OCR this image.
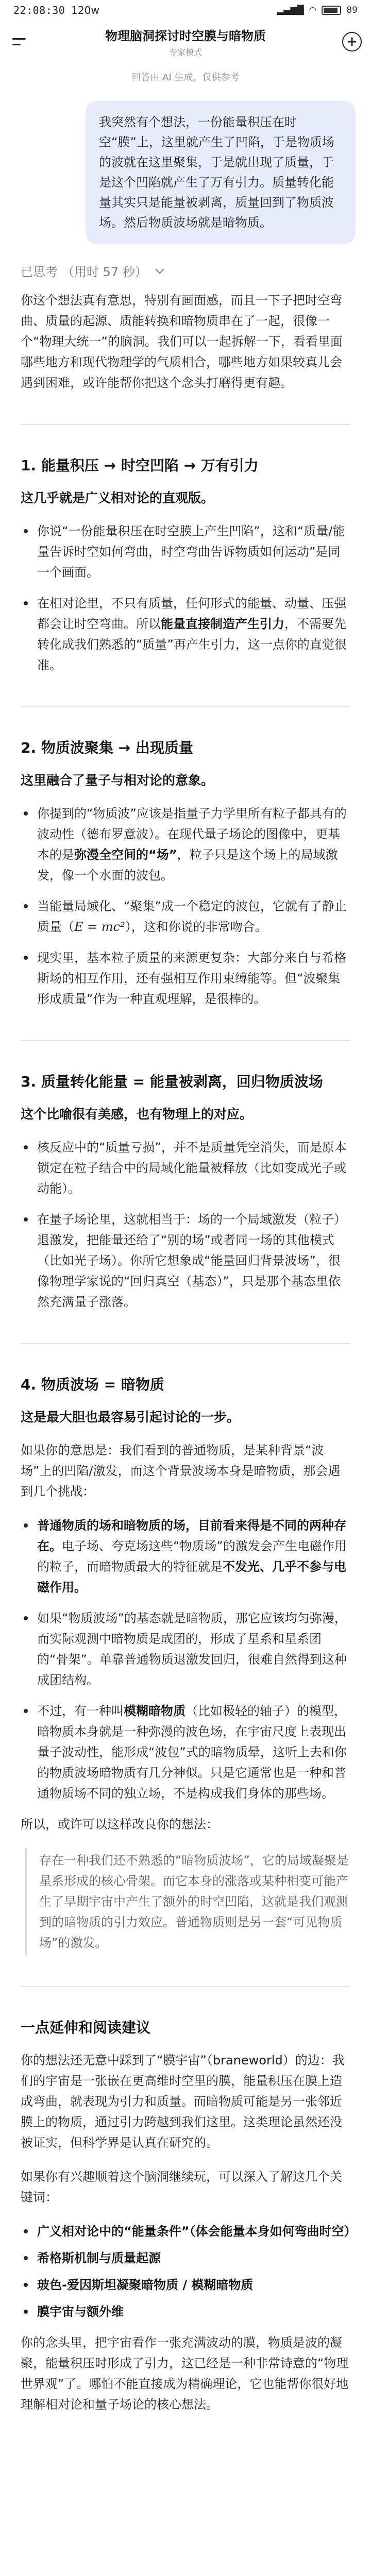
22:08:30 120w	▂▄▆█ ◠	89
物理脑洞探讨时空膜与暗物质
专家模式
+
回答由 AI 生成，仅供参考
我突然有个想法，一份能量积压在时空“膜”上，这里就产生了凹陷，于是物质场的波就在这里聚集，于是就出现了质量，于是这个凹陷就产生了万有引力。质量转化能量其实只是能量被剥离，质量回到了物质波场。然后物质波场就是暗物质。
已思考 （用时 57 秒）

你这个想法真有意思，特别有画面感，而且一下子把时空弯曲、质量的起源、质能转换和暗物质串在了一起，很像一个“物理大统一”的脑洞。我们可以一起拆解一下，看看里面哪些地方和现代物理学的气质相合，哪些地方如果较真儿会遇到困难，或许能帮你把这个念头打磨得更有趣。

1. 能量积压 → 时空凹陷 → 万有引力
这几乎就是广义相对论的直观版。
你说“一份能量积压在时空膜上产生凹陷”，这和“质量/能量告诉时空如何弯曲，时空弯曲告诉物质如何运动”是同一个画面。
在相对论里，不只有质量，任何形式的能量、动量、压强都会让时空弯曲。所以能量直接制造产生引力，不需要先转化成我们熟悉的“质量”再产生引力，这一点你的直觉很准。
2. 物质波聚集 → 出现质量
这里融合了量子与相对论的意象。
你提到的“物质波”应该是指量子力学里所有粒子都具有的波动性（德布罗意波）。在现代量子场论的图像中，更基本的是弥漫全空间的“场”，粒子只是这个场上的局域激发，像一个水面的波包。
当能量局域化、“聚集”成一个稳定的波包，它就有了静止质量（E = mc²），这和你说的非常吻合。
现实里，基本粒子质量的来源更复杂：大部分来自与希格斯场的相互作用，还有强相互作用束缚能等。但“波聚集形成质量”作为一种直观理解，是很棒的。
3. 质量转化能量 = 能量被剥离，回归物质波场
这个比喻很有美感，也有物理上的对应。
核反应中的“质量亏损”，并不是质量凭空消失，而是原本锁定在粒子结合中的局域化能量被释放（比如变成光子或动能）。
在量子场论里，这就相当于：场的一个局域激发（粒子）退激发，把能量还给了“别的场”或者同一场的其他模式（比如光子场）。你所它想象成“能量回归背景波场”，很像物理学家说的“回归真空（基态）”，只是那个基态里依然充满量子涨落。
4. 物质波场 = 暗物质
这是最大胆也最容易引起讨论的一步。

如果你的意思是：我们看到的普通物质，是某种背景“波场”上的凹陷/激发，而这个背景波场本身是暗物质，那会遇到几个挑战：

普通物质的场和暗物质的场，目前看来得是不同的两种存在。电子场、夸克场这些“物质场”的激发会产生电磁作用的粒子，而暗物质最大的特征就是不发光、几乎不参与电磁作用。
如果“物质波场”的基态就是暗物质，那它应该均匀弥漫，而实际观测中暗物质是成团的，形成了星系和星系团的“骨架”。单靠普通物质退激发回归，很难自然得到这种成团结构。
不过，有一种叫模糊暗物质（比如极轻的轴子）的模型，暗物质本身就是一种弥漫的波色场，在宇宙尺度上表现出量子波动性，能形成“波包”式的暗物质晕，这听上去和你的物质波场暗物质有几分神似。只是它通常也是一种和普通物质场不同的独立场，不是构成我们身体的那些场。

所以，或许可以这样改良你的想法：

存在一种我们还不熟悉的“暗物质波场”，它的局域凝聚是星系形成的核心骨架。而它本身的涨落或某种相变可能产生了早期宇宙中产生了额外的时空凹陷，这就是我们观测到的暗物质的引力效应。普通物质则是另一套“可见物质场”的激发。

一点延伸和阅读建议

你的想法还无意中踩到了“膜宇宙”（braneworld）的边：我们的宇宙是一张嵌在更高维时空里的膜，能量积压在膜上造成弯曲，就表现为引力和质量。而暗物质可能是另一张邻近膜上的物质，通过引力跨越到我们这里。这类理论虽然还没被证实，但科学界是认真在研究的。

如果你有兴趣顺着这个脑洞继续玩，可以深入了解这几个关键词：

广义相对论中的“能量条件”（体会能量本身如何弯曲时空）
希格斯机制与质量起源
玻色-爱因斯坦凝聚暗物质 / 模糊暗物质
膜宇宙与额外维

你的念头里，把宇宙看作一张充满波动的膜，物质是波的凝聚，能量积压时形成了引力，这已经是一种非常诗意的“物理世界观”了。哪怕不能直接成为精确理论，它也能帮你很好地理解相对论和量子场论的核心想法。
